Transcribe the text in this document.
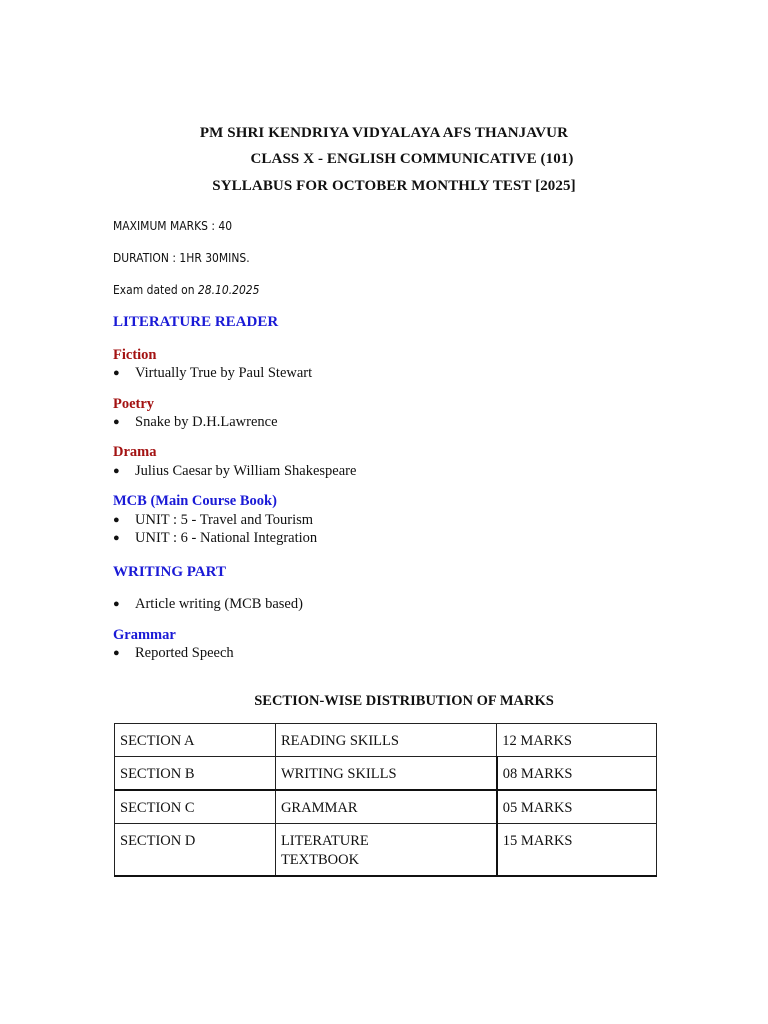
PM SHRI KENDRIYA VIDYALAYA AFS THANJAVUR
CLASS X - ENGLISH COMMUNICATIVE (101)
SYLLABUS FOR OCTOBER MONTHLY TEST [2025]
MAXIMUM MARKS : 40
DURATION : 1HR 30MINS.
Exam dated on 28.10.2025
LITERATURE READER
Fiction
● Virtually True by Paul Stewart
Poetry
● Snake by D.H.Lawrence
Drama
● Julius Caesar by William Shakespeare
MCB (Main Course Book)
● UNIT : 5 - Travel and Tourism
● UNIT : 6 - National Integration
WRITING PART
● Article writing (MCB based)
Grammar
● Reported Speech
SECTION-WISE DISTRIBUTION OF MARKS
SECTION A	READING SKILLS	12 MARKS
SECTION B	WRITING SKILLS	08 MARKS
SECTION C	GRAMMAR	05 MARKS
SECTION D	LITERATURE TEXTBOOK	15 MARKS
